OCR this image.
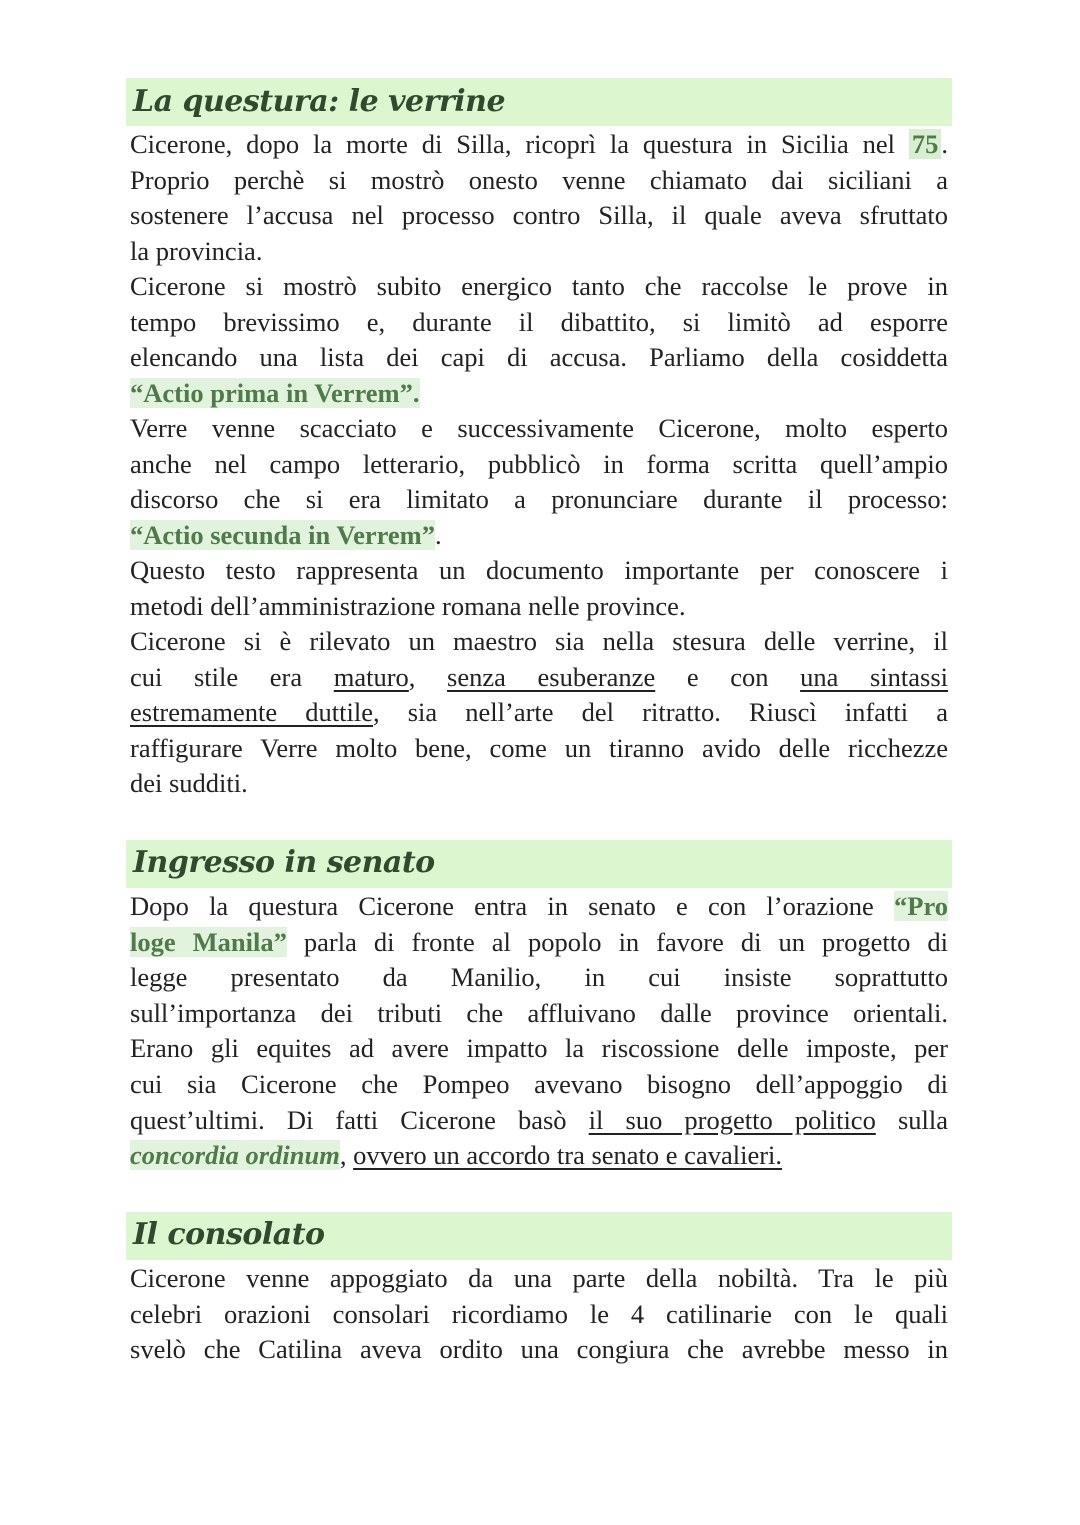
La questura: le verrine
Cicerone, dopo la morte di Silla, ricoprì la questura in Sicilia nel 75 .
Proprio perchè si mostrò onesto venne chiamato dai siciliani a
sostenere l’accusa nel processo contro Silla, il quale aveva sfruttato
la provincia.
Cicerone si mostrò subito energico tanto che raccolse le prove in
tempo brevissimo e, durante il dibattito, si limitò ad esporre
elencando una lista dei capi di accusa. Parliamo della cosiddetta
“Actio prima in Verrem”.
Verre venne scacciato e successivamente Cicerone, molto esperto
anche nel campo letterario, pubblicò in forma scritta quell’ampio
discorso che si era limitato a pronunciare durante il processo:
“Actio secunda in Verrem”.
Questo testo rappresenta un documento importante per conoscere i
metodi dell’amministrazione romana nelle province.
Cicerone si è rilevato un maestro sia nella stesura delle verrine, il
cui stile era maturo, senza esuberanze e con una sintassi
estremamente duttile, sia nell’arte del ritratto. Riuscì infatti a
raffigurare Verre molto bene, come un tiranno avido delle ricchezze
dei sudditi.
Ingresso in senato
Dopo la questura Cicerone entra in senato e con l’orazione “Pro
loge Manila” parla di fronte al popolo in favore di un progetto di
legge presentato da Manilio, in cui insiste soprattutto
sull’importanza dei tributi che affluivano dalle province orientali.
Erano gli equites ad avere impatto la riscossione delle imposte, per
cui sia Cicerone che Pompeo avevano bisogno dell’appoggio di
quest’ultimi. Di fatti Cicerone basò il suo progetto politico sulla
concordia ordinum, ovvero un accordo tra senato e cavalieri.
Il consolato
Cicerone venne appoggiato da una parte della nobiltà. Tra le più
celebri orazioni consolari ricordiamo le 4 catilinarie con le quali
svelò che Catilina aveva ordito una congiura che avrebbe messo in
